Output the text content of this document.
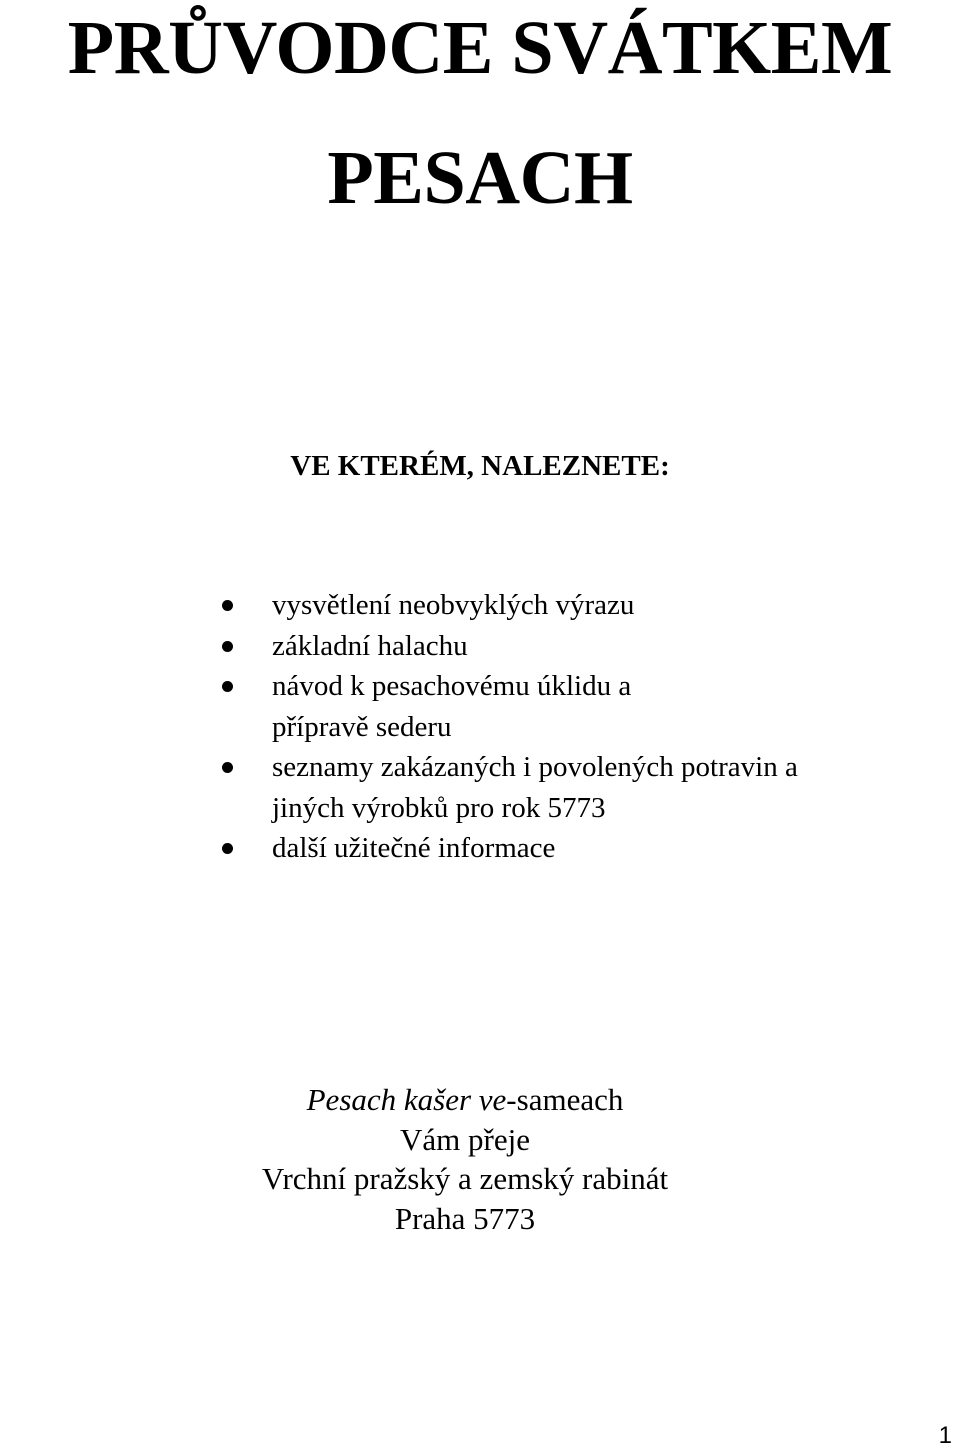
PRŮVODCE SVÁTKEM
PESACH
VE KTERÉM, NALEZNETE:
vysvětlení neobvyklých výrazu
základní halachu
návod k pesachovému úklidu a
přípravě sederu
seznamy zakázaných i povolených potravin a
jiných výrobků pro rok 5773
další užitečné informace

Pesach kašer ve-sameach

Vám přeje

Vrchní pražský a zemský rabinát

Praha 5773

1
